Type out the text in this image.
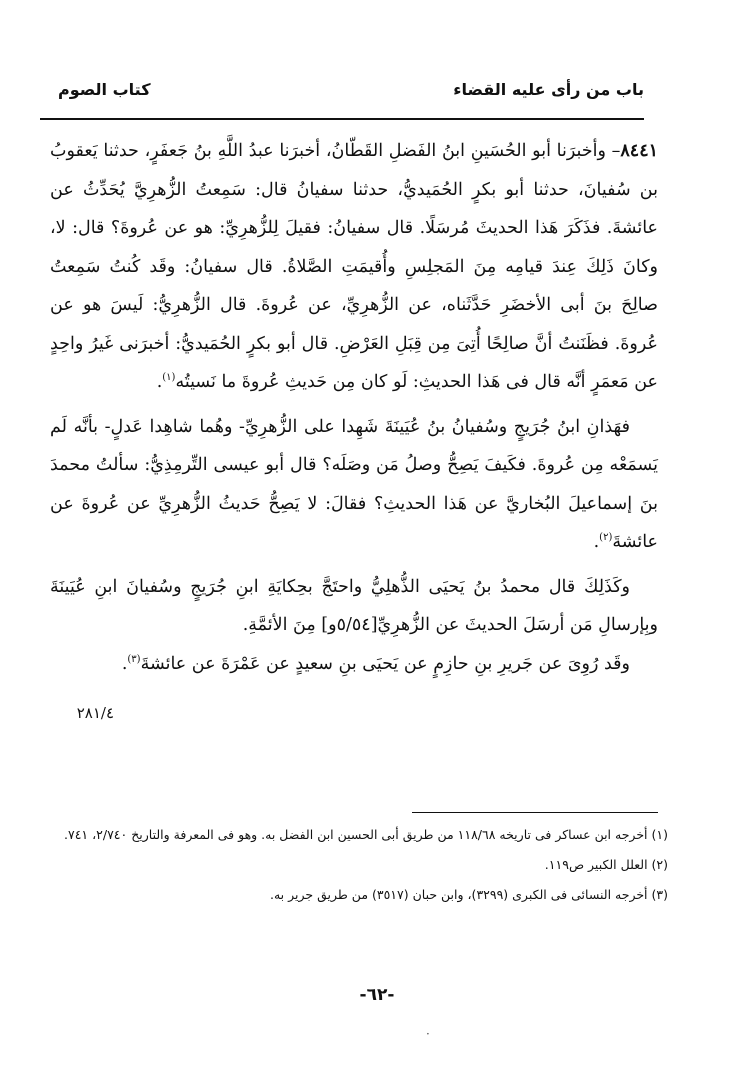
باب من رأى عليه القضاء
كتاب الصوم

٨٤٤١– وأخبرَنا أبو الحُسَينِ ابنُ الفَضلِ القَطّانُ، أخبرَنا عبدُ اللَّهِ بنُ جَعفَرٍ، حدثنا يَعقوبُ بن سُفيانَ، حدثنا أبو بكرٍ الحُمَيديُّ، حدثنا سفيانُ قال: سَمِعتُ الزُّهرِيَّ يُحَدِّثُ عن عائشةَ. فذَكَرَ هَذا الحديثَ مُرسَلًا. قال سفيانُ: فقيلَ لِلزُّهرِيِّ: هو عن عُروةَ؟ قال: لا، وكانَ ذَلِكَ عِندَ قيامِه مِنَ المَجلِسِ وأُقيمَتِ الصَّلاةُ. قال سفيانُ: وقَد كُنتُ سَمِعتُ صالِحَ بنَ أبى الأخضَرِ حَدَّثَناه، عن الزُّهرِيِّ، عن عُروةَ. قال الزُّهرِيُّ: لَيسَ هو عن عُروةَ. فظَنَنتُ أنَّ صالِحًا أُتِىَ مِن قِبَلِ العَرْضِ. قال أبو بكرٍ الحُمَيديُّ: أخبرَنى غَيرُ واحِدٍ عن مَعمَرٍ أنَّه قال فى هَذا الحديثِ: لَو كان مِن حَديثِ عُروةَ ما نَسيتُه$^{(١)}$.

فهَذانِ ابنُ جُرَيجٍ وسُفيانُ بنُ عُيَينَةَ شَهِدا على الزُّهرِيِّ- وهُما شاهِدا عَدلٍ- بأنَّه لَم يَسمَعْه مِن عُروةَ. فكَيفَ يَصِحُّ وصلُ مَن وصَلَه؟ قال أبو عيسى التِّرمِذِيُّ: سألتُ محمدَ بنَ إسماعيلَ البُخاريَّ عن هَذا الحديثِ؟ فقالَ: لا يَصِحُّ حَديثُ الزُّهرِيِّ عن عُروةَ عن عائشةَ$^{(٢)}$.

وكَذَلِكَ قال محمدُ بنُ يَحيَى الذُّهلِيُّ واحتَجَّ بحِكايَةِ ابنِ جُرَيجٍ وسُفيانَ ابنِ عُيَينَةَ وبِإرسالِ مَن أرسَلَ الحديثَ عن الزُّهرِيِّ[٥/٥٤و] مِنَ الأئمَّةِ.

وقَد رُوِىَ عن جَريرِ بنِ حازِمٍ عن يَحيَى بنِ سعيدٍ عن عَمْرَةَ عن عائشةَ$^{(٣)}$.

٢٨١/٤

(١) أخرجه ابن عساكر فى تاريخه ١١٨/٦٨ من طريق أبى الحسين ابن الفضل به. وهو فى المعرفة والتاريخ ٢/٧٤٠، ٧٤١.

(٢) العلل الكبير ص١١٩.

(٣) أخرجه النسائى فى الكبرى (٣٢٩٩)، وابن حبان (٣٥١٧) من طريق جرير به.

-٦٢-
·
